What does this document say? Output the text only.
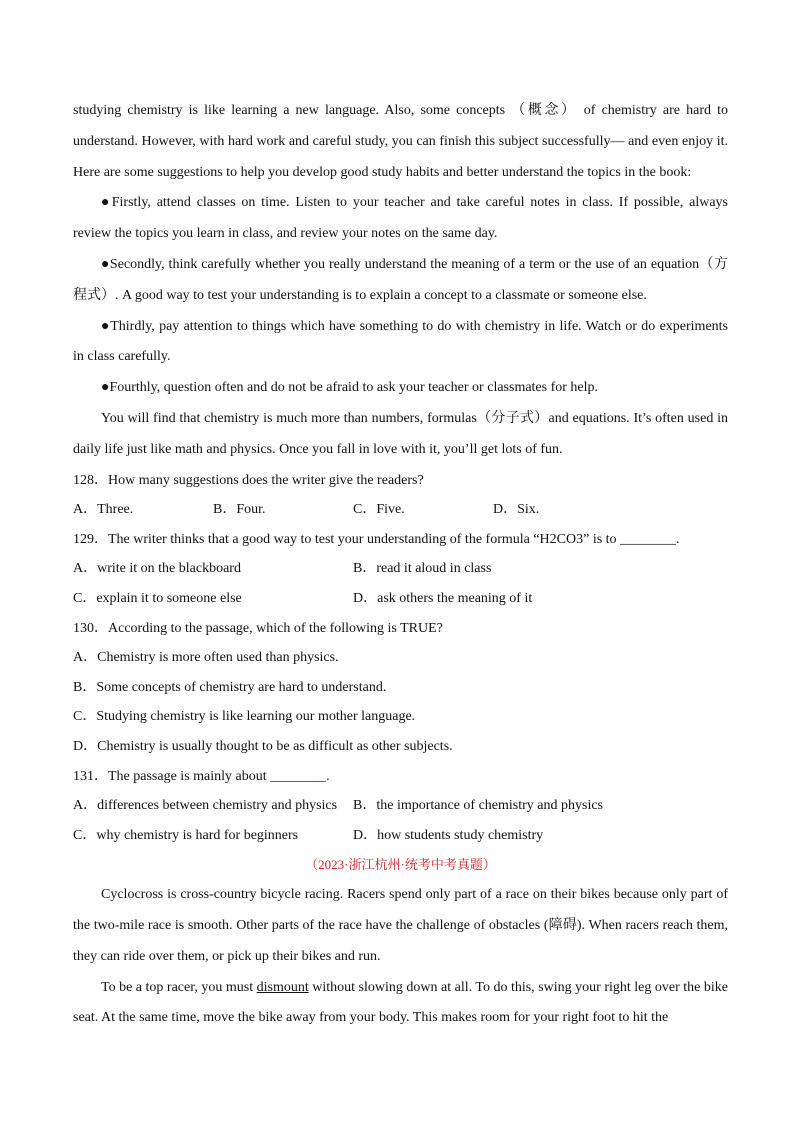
studying chemistry is like learning a new language. Also, some concepts （概念） of chemistry are hard to understand. However, with hard work and careful study, you can finish this subject successfully— and even enjoy it. Here are some suggestions to help you develop good study habits and better understand the topics in the book:

●Firstly, attend classes on time. Listen to your teacher and take careful notes in class. If possible, always review the topics you learn in class, and review your notes on the same day.

●Secondly, think carefully whether you really understand the meaning of a term or the use of an equation（方程式）. A good way to test your understanding is to explain a concept to a classmate or someone else.

●Thirdly, pay attention to things which have something to do with chemistry in life. Watch or do experiments in class carefully.

●Fourthly, question often and do not be afraid to ask your teacher or classmates for help.

You will find that chemistry is much more than numbers, formulas（分子式）and equations. It’s often used in daily life just like math and physics. Once you fall in love with it, you’ll get lots of fun.

128．How many suggestions does the writer give the readers?

A．Three.	B．Four.	C．Five.	D．Six.

129．The writer thinks that a good way to test your understanding of the formula “H2CO3” is to ________.

A．write it on the blackboard	B．read it aloud in class
C．explain it to someone else	D．ask others the meaning of it

130．According to the passage, which of the following is TRUE?

A．Chemistry is more often used than physics.

B．Some concepts of chemistry are hard to understand.

C．Studying chemistry is like learning our mother language.

D．Chemistry is usually thought to be as difficult as other subjects.

131．The passage is mainly about ________.

A．differences between chemistry and physics	B．the importance of chemistry and physics
C．why chemistry is hard for beginners	D．how students study chemistry

（2023·浙江杭州·统考中考真题）

Cyclocross is cross-country bicycle racing. Racers spend only part of a race on their bikes because only part of the two-mile race is smooth. Other parts of the race have the challenge of obstacles (障碍). When racers reach them, they can ride over them, or pick up their bikes and run.

To be a top racer, you must dismount without slowing down at all. To do this, swing your right leg over the bike seat. At the same time, move the bike away from your body. This makes room for your right foot to hit the
